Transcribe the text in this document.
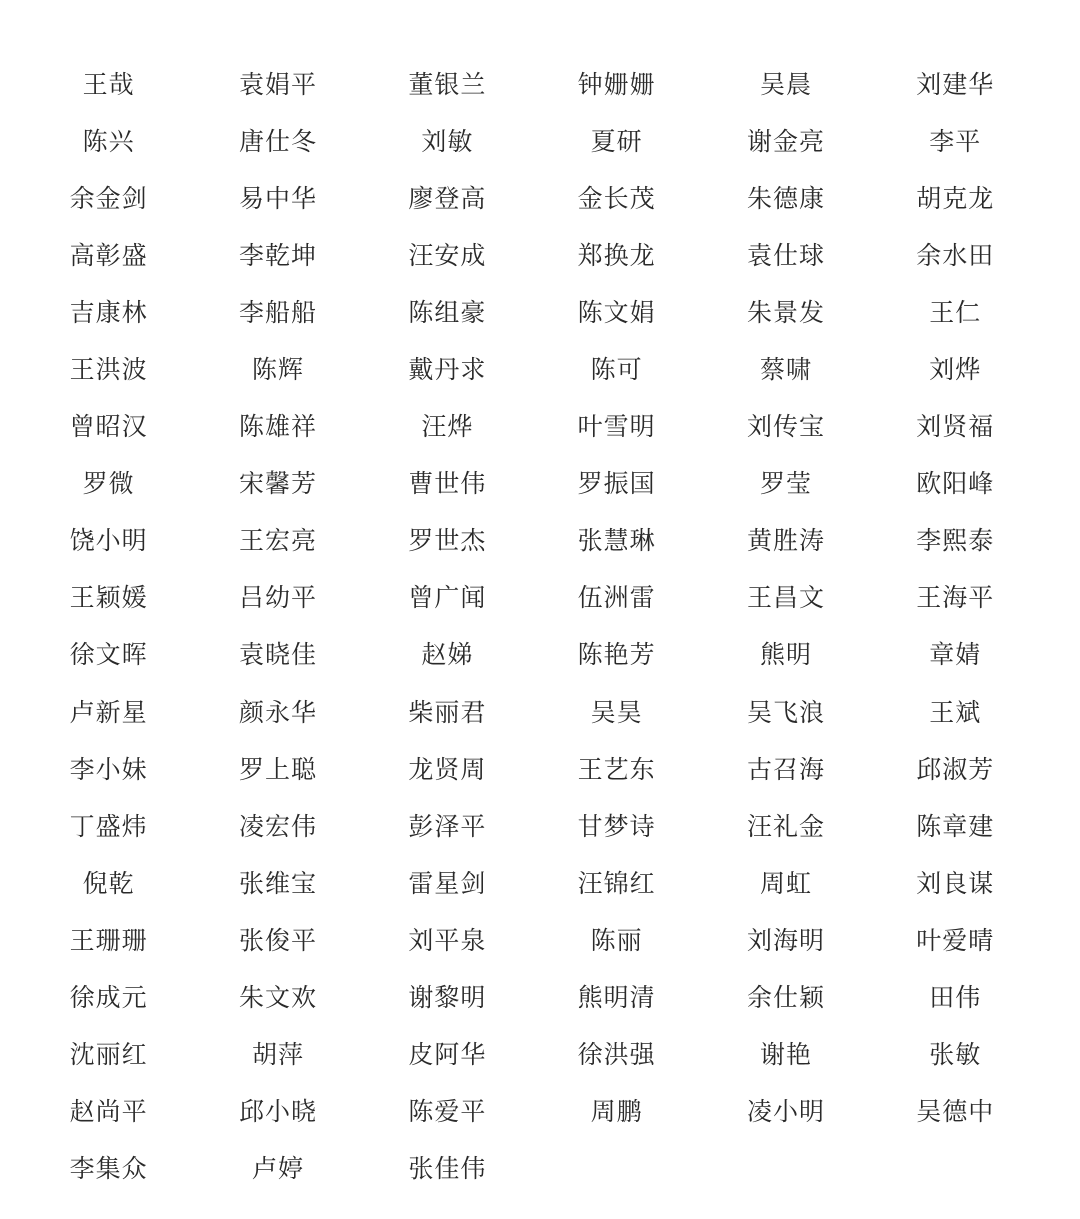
王哉	袁娟平	董银兰	钟姗姗	吴晨	刘建华
陈兴	唐仕冬	刘敏	夏研	谢金亮	李平
余金剑	易中华	廖登高	金长茂	朱德康	胡克龙
高彰盛	李乾坤	汪安成	郑换龙	袁仕球	余水田
吉康林	李船船	陈组豪	陈文娟	朱景发	王仁
王洪波	陈辉	戴丹求	陈可	蔡啸	刘烨
曾昭汉	陈雄祥	汪烨	叶雪明	刘传宝	刘贤福
罗微	宋馨芳	曹世伟	罗振国	罗莹	欧阳峰
饶小明	王宏亮	罗世杰	张慧琳	黄胜涛	李熙泰
王颖媛	吕幼平	曾广闻	伍洲雷	王昌文	王海平
徐文晖	袁晓佳	赵娣	陈艳芳	熊明	章婧
卢新星	颜永华	柴丽君	吴昊	吴飞浪	王斌
李小妹	罗上聪	龙贤周	王艺东	古召海	邱淑芳
丁盛炜	凌宏伟	彭泽平	甘梦诗	汪礼金	陈章建
倪乾	张维宝	雷星剑	汪锦红	周虹	刘良谋
王珊珊	张俊平	刘平泉	陈丽	刘海明	叶爱晴
徐成元	朱文欢	谢黎明	熊明清	余仕颖	田伟
沈丽红	胡萍	皮阿华	徐洪强	谢艳	张敏
赵尚平	邱小晓	陈爱平	周鹏	凌小明	吴德中
李集众	卢婷	张佳伟
